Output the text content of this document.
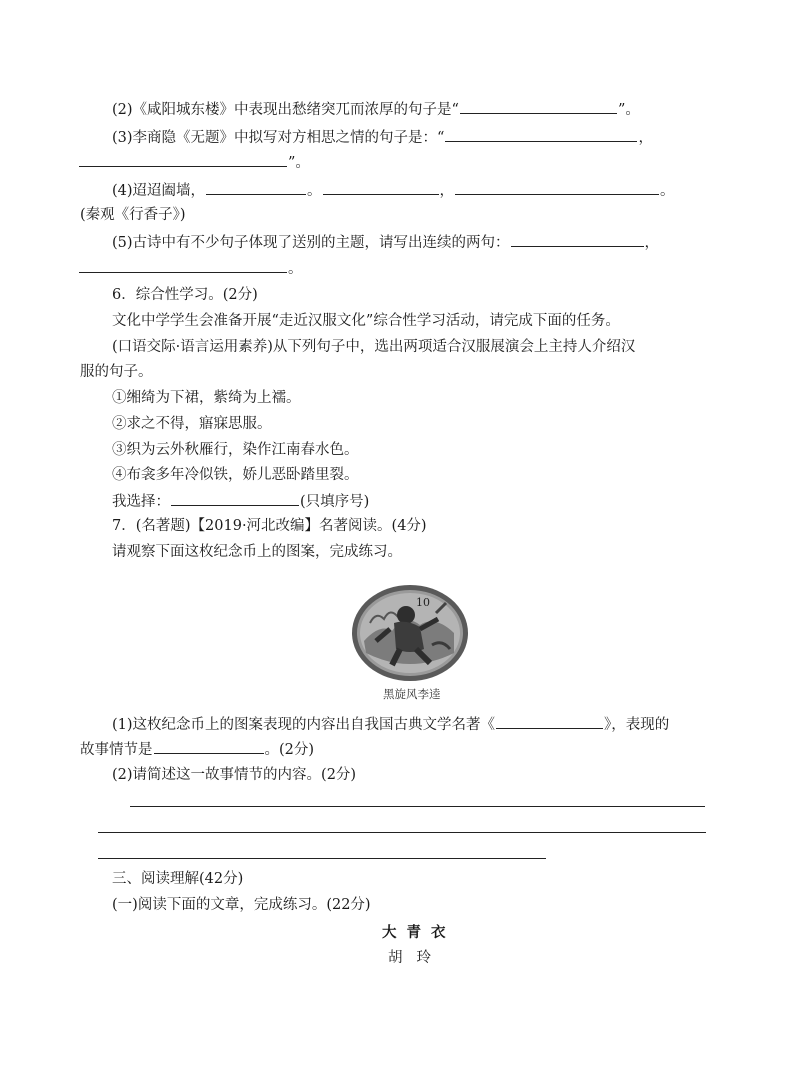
(2)《咸阳城东楼》中表现出愁绪突兀而浓厚的句子是“	”。
(3)李商隐《无题》中拟写对方相思之情的句子是：“	，
”。
(4)迢迢阖墙，	。	，	。
(秦观《行香子》)
(5)古诗中有不少句子体现了送别的主题，请写出连续的两句：	，
。
6．综合性学习。(2分)
文化中学学生会准备开展“走近汉服文化”综合性学习活动，请完成下面的任务。
(口语交际·语言运用素养)从下列句子中，选出两项适合汉服展演会上主持人介绍汉
服的句子。
①缃绮为下裙，紫绮为上襦。
②求之不得，寤寐思服。
③织为云外秋雁行，染作江南春水色。
④布衾多年冷似铁，娇儿恶卧踏里裂。
我选择：	(只填序号)
7．(名著题)【2019·河北改编】名著阅读。(4分)
请观察下面这枚纪念币上的图案，完成练习。
10
黑旋风李逵
(1)这枚纪念币上的图案表现的内容出自我国古典文学名著《	》，表现的
故事情节是	。(2分)
(2)请简述这一故事情节的内容。(2分)
三、阅读理解(42分)
(一)阅读下面的文章，完成练习。(22分)
大青衣
胡玲
